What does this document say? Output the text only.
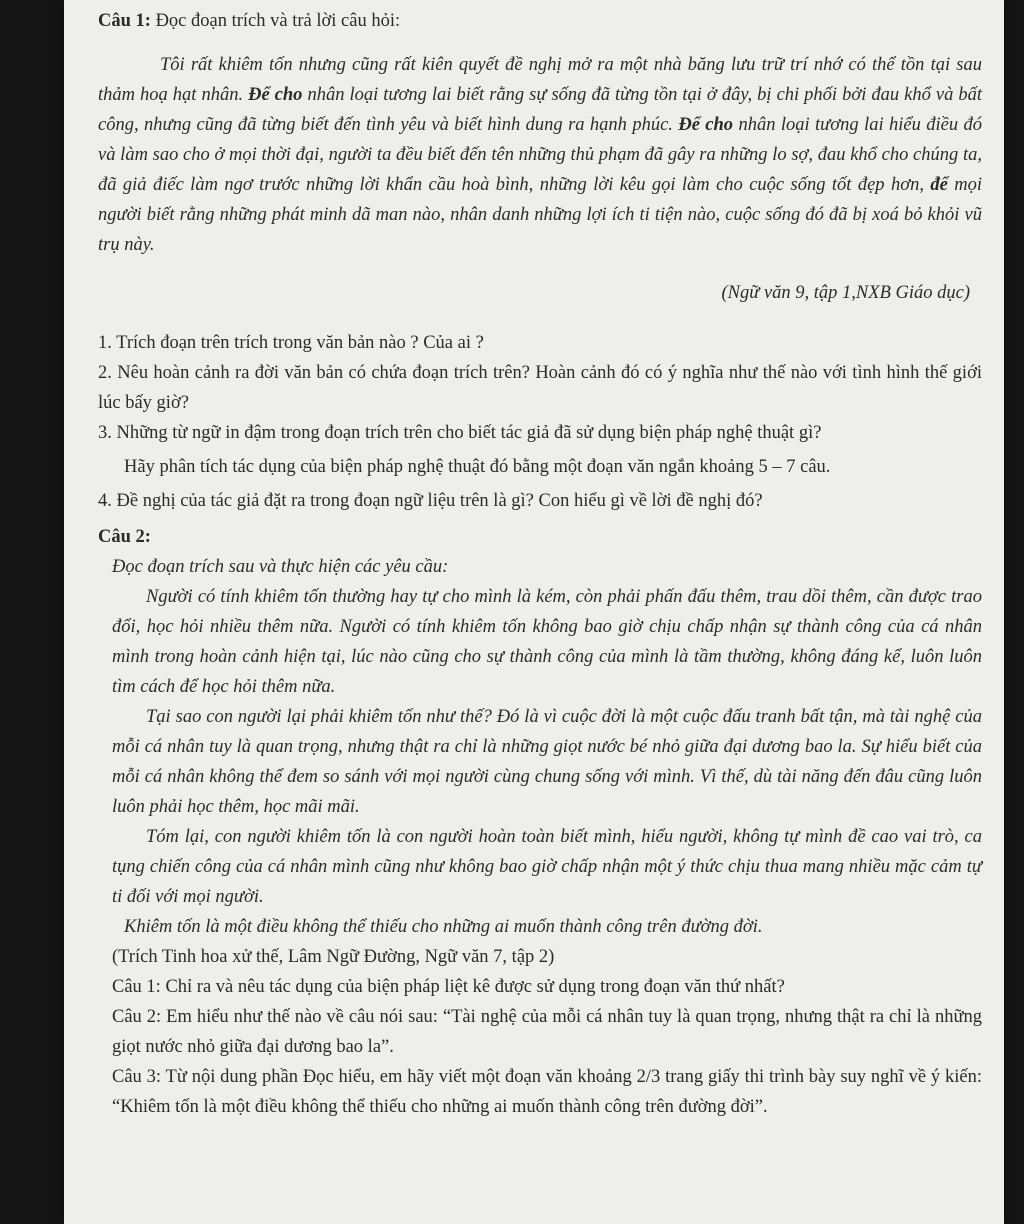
Câu 1: Đọc đoạn trích và trả lời câu hỏi:

Tôi rất khiêm tốn nhưng cũng rất kiên quyết đề nghị mở ra một nhà băng lưu trữ trí nhớ có thể tồn tại sau thảm hoạ hạt nhân. Để cho nhân loại tương lai biết rằng sự sống đã từng tồn tại ở đây, bị chi phối bởi đau khổ và bất công, nhưng cũng đã từng biết đến tình yêu và biết hình dung ra hạnh phúc. Để cho nhân loại tương lai hiểu điều đó và làm sao cho ở mọi thời đại, người ta đều biết đến tên những thủ phạm đã gây ra những lo sợ, đau khổ cho chúng ta, đã giả điếc làm ngơ trước những lời khẩn cầu hoà bình, những lời kêu gọi làm cho cuộc sống tốt đẹp hơn, để mọi người biết rằng những phát minh dã man nào, nhân danh những lợi ích ti tiện nào, cuộc sống đó đã bị xoá bỏ khỏi vũ trụ này.

(Ngữ văn 9, tập 1,NXB Giáo dục)

1. Trích đoạn trên trích trong văn bản nào ? Của ai ?

2. Nêu hoàn cảnh ra đời văn bản có chứa đoạn trích trên? Hoàn cảnh đó có ý nghĩa như thế nào với tình hình thế giới lúc bấy giờ?

3. Những từ ngữ in đậm trong đoạn trích trên cho biết tác giả đã sử dụng biện pháp nghệ thuật gì?

Hãy phân tích tác dụng của biện pháp nghệ thuật đó bằng một đoạn văn ngắn khoảng 5 – 7 câu.

4. Đề nghị của tác giả đặt ra trong đoạn ngữ liệu trên là gì? Con hiểu gì về lời đề nghị đó?

Câu 2:

Đọc đoạn trích sau và thực hiện các yêu cầu:

Người có tính khiêm tốn thường hay tự cho mình là kém, còn phải phấn đấu thêm, trau dồi thêm, cần được trao đổi, học hỏi nhiều thêm nữa. Người có tính khiêm tốn không bao giờ chịu chấp nhận sự thành công của cá nhân mình trong hoàn cảnh hiện tại, lúc nào cũng cho sự thành công của mình là tầm thường, không đáng kể, luôn luôn tìm cách để học hỏi thêm nữa.

Tại sao con người lại phải khiêm tốn như thế? Đó là vì cuộc đời là một cuộc đấu tranh bất tận, mà tài nghệ của mỗi cá nhân tuy là quan trọng, nhưng thật ra chỉ là những giọt nước bé nhỏ giữa đại dương bao la. Sự hiểu biết của mỗi cá nhân không thể đem so sánh với mọi người cùng chung sống với mình. Vì thế, dù tài năng đến đâu cũng luôn luôn phải học thêm, học mãi mãi.

Tóm lại, con người khiêm tốn là con người hoàn toàn biết mình, hiểu người, không tự mình đề cao vai trò, ca tụng chiến công của cá nhân mình cũng như không bao giờ chấp nhận một ý thức chịu thua mang nhiều mặc cảm tự ti đối với mọi người.

Khiêm tốn là một điều không thể thiếu cho những ai muốn thành công trên đường đời.

(Trích Tinh hoa xử thế, Lâm Ngữ Đường, Ngữ văn 7, tập 2)

Câu 1: Chỉ ra và nêu tác dụng của biện pháp liệt kê được sử dụng trong đoạn văn thứ nhất?

Câu 2: Em hiểu như thế nào về câu nói sau: “Tài nghệ của mỗi cá nhân tuy là quan trọng, nhưng thật ra chỉ là những giọt nước nhỏ giữa đại dương bao la”.

Câu 3: Từ nội dung phần Đọc hiểu, em hãy viết một đoạn văn khoảng 2/3 trang giấy thi trình bày suy nghĩ về ý kiến: “Khiêm tốn là một điều không thể thiếu cho những ai muốn thành công trên đường đời”.
